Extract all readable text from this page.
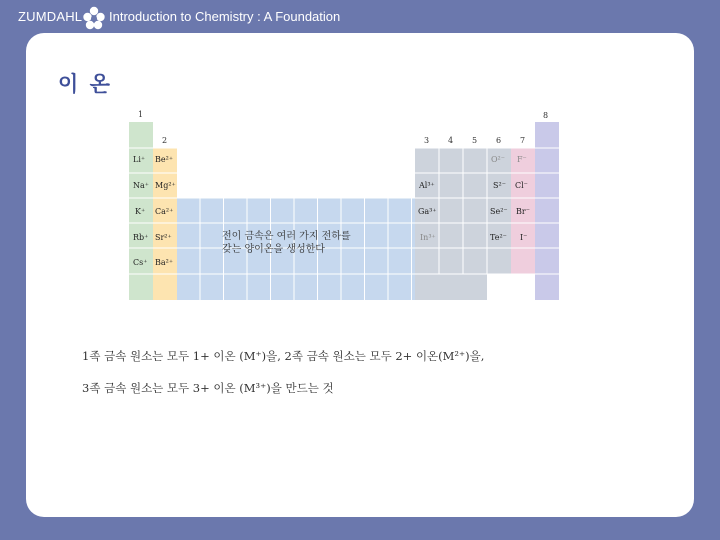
ZUMDAHL Introduction to Chemistry : A Foundation
이 온
1
2	3 4 5 6 7
8
Li⁺
Na⁺
K⁺
Rb⁺
Cs⁺
Be²⁺
Mg²⁺
Ca²⁺
Sr²⁺
Ba²⁺
Al³⁺
Ga³⁺
In³⁺
O²⁻
S²⁻
Se²⁻
Te²⁻
F⁻
Cl⁻
Br⁻
I⁻
전이 금속은 여러 가지 전하를
갖는 양이온을 생성한다
1족 금속 원소는 모두 1+ 이온 (M⁺)을, 2족 금속 원소는 모두 2+ 이온(M²⁺)을,
3족 금속 원소는 모두 3+ 이온 (M³⁺)을 만드는 것
